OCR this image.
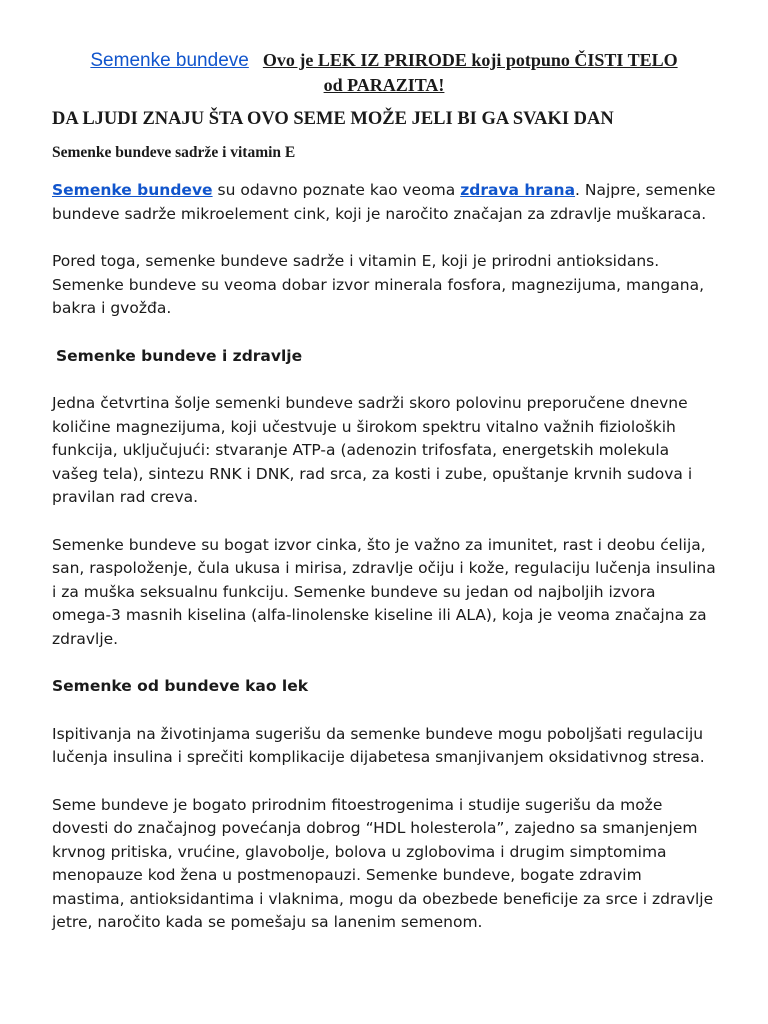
Semenke bundeve Ovo je LEK IZ PRIRODE koji potpuno ČISTI TELO
od PARAZITA!
DA LJUDI ZNAJU ŠTA OVO SEME MOŽE JELI BI GA SVAKI DAN
Semenke bundeve sadrže i vitamin E

Semenke bundeve su odavno poznate kao veoma zdrava hrana. Najpre, semenke bundeve sadrže mikroelement cink, koji je naročito značajan za zdravlje muškaraca.

Pored toga, semenke bundeve sadrže i vitamin E, koji je prirodni antioksidans. Semenke bundeve su veoma dobar izvor minerala fosfora, magnezijuma, mangana, bakra i gvožđa.

Semenke bundeve i zdravlje

Jedna četvrtina šolje semenki bundeve sadrži skoro polovinu preporučene dnevne količine magnezijuma, koji učestvuje u širokom spektru vitalno važnih fizioloških funkcija, uključujući: stvaranje ATP-a (adenozin trifosfata, energetskih molekula vašeg tela), sintezu RNK i DNK, rad srca, za kosti i zube, opuštanje krvnih sudova i pravilan rad creva.

Semenke bundeve su bogat izvor cinka, što je važno za imunitet, rast i deobu ćelija, san, raspoloženje, čula ukusa i mirisa, zdravlje očiju i kože, regulaciju lučenja insulina i za muška seksualnu funkciju. Semenke bundeve su jedan od najboljih izvora omega-3 masnih kiselina (alfa-linolenske kiseline ili ALA), koja je veoma značajna za zdravlje.

Semenke od bundeve kao lek

Ispitivanja na životinjama sugerišu da semenke bundeve mogu poboljšati regulaciju lučenja insulina i sprečiti komplikacije dijabetesa smanjivanjem oksidativnog stresa.

Seme bundeve je bogato prirodnim fitoestrogenima i studije sugerišu da može dovesti do značajnog povećanja dobrog “HDL holesterola”, zajedno sa smanjenjem krvnog pritiska, vrućine, glavobolje, bolova u zglobovima i drugim simptomima menopauze kod žena u postmenopauzi. Semenke bundeve, bogate zdravim mastima, antioksidantima i vlaknima, mogu da obezbede beneficije za srce i zdravlje jetre, naročito kada se pomešaju sa lanenim semenom.
